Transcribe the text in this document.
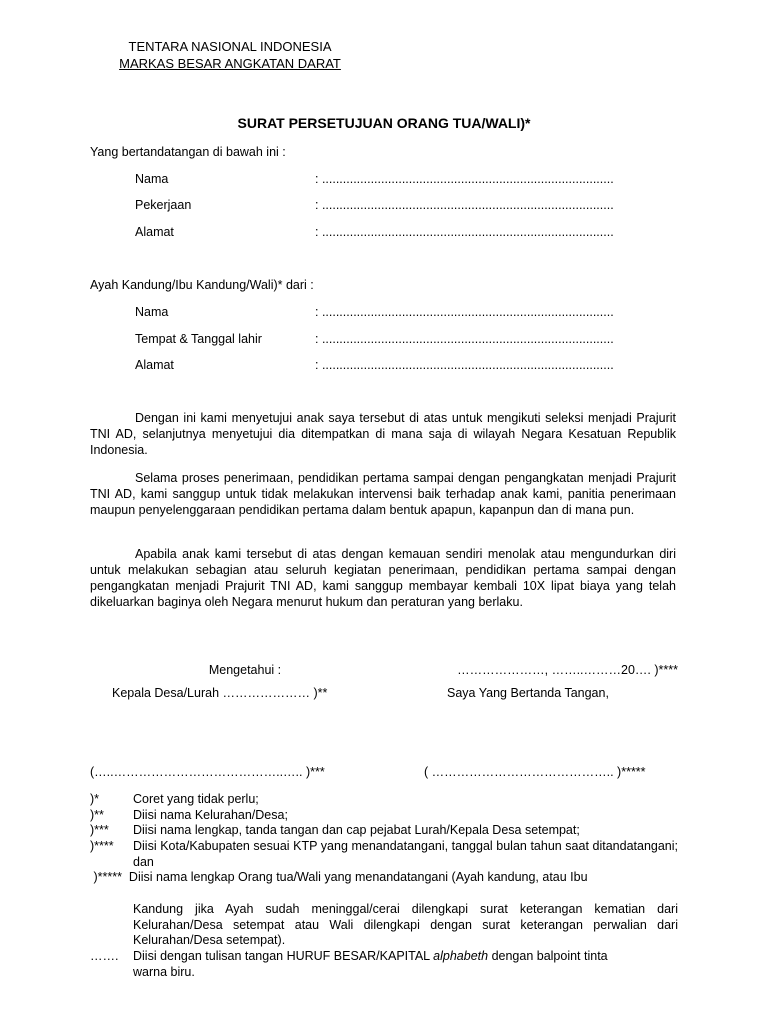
TENTARA NASIONAL INDONESIA
MARKAS BESAR ANGKATAN DARAT
SURAT PERSETUJUAN ORANG TUA/WALI)*
Yang bertandatangan di bawah ini :
Nama	: ....................................................................................
Pekerjaan	: ....................................................................................
Alamat	: ....................................................................................
Ayah Kandung/Ibu Kandung/Wali)* dari :
Nama	: ....................................................................................
Tempat & Tanggal lahir	: ....................................................................................
Alamat	: ....................................................................................
Dengan ini kami menyetujui anak saya tersebut di atas untuk mengikuti seleksi menjadi Prajurit TNI AD, selanjutnya menyetujui dia ditempatkan di mana saja di wilayah Negara Kesatuan Republik Indonesia.
Selama proses penerimaan, pendidikan pertama sampai dengan pengangkatan menjadi Prajurit TNI AD, kami sanggup untuk tidak melakukan intervensi baik terhadap anak kami, panitia penerimaan maupun penyelenggaraan pendidikan pertama dalam bentuk apapun, kapanpun dan di mana pun.
Apabila anak kami tersebut di atas dengan kemauan sendiri menolak atau mengundurkan diri untuk melakukan sebagian atau seluruh kegiatan penerimaan, pendidikan pertama sampai dengan pengangkatan menjadi Prajurit TNI AD, kami sanggup membayar kembali 10X lipat biaya yang telah dikeluarkan baginya oleh Negara menurut hukum dan peraturan yang berlaku.
Mengetahui :	…………………, ……..………20…. )****
Kepala Desa/Lurah ………………… )**	Saya Yang Bertanda Tangan,
(…..…………………………………..….. )***	( …………………………………….. )*****
)*	Coret yang tidak perlu;
)** Diisi nama Kelurahan/Desa;
)*** Diisi nama lengkap, tanda tangan dan cap pejabat Lurah/Kepala Desa setempat;
)**** Diisi Kota/Kabupaten sesuai KTP yang menandatangani, tanggal bulan tahun saat ditandatangani; dan
)*****  Diisi nama lengkap Orang tua/Wali yang menandatangani (Ayah kandung, atau Ibu
Kandung jika Ayah sudah meninggal/cerai dilengkapi surat keterangan kematian dari Kelurahan/Desa setempat atau Wali dilengkapi dengan surat keterangan perwalian dari Kelurahan/Desa setempat).
……. Diisi dengan tulisan tangan HURUF BESAR/KAPITAL alphabeth dengan balpoint tinta warna biru.
